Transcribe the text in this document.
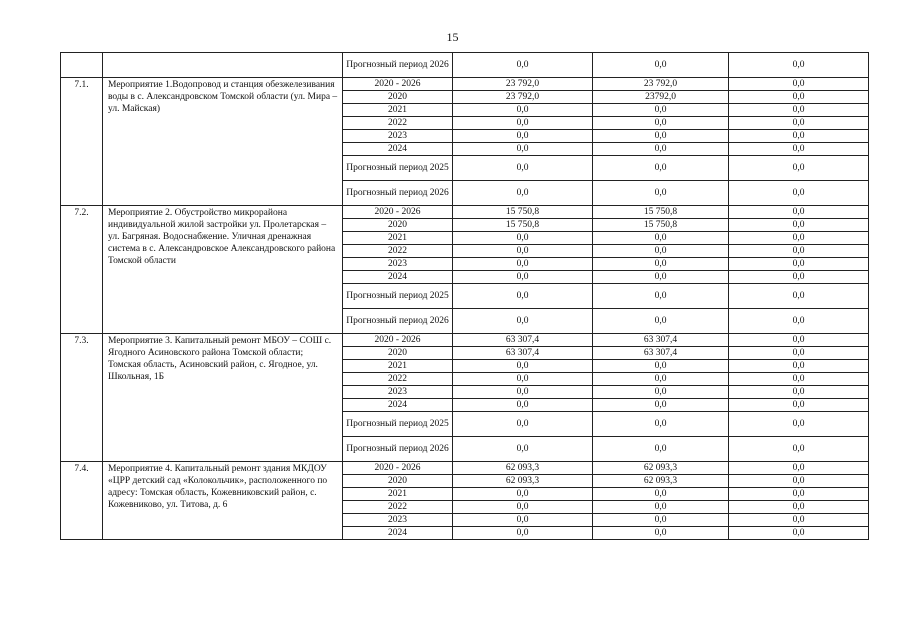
15
		Прогнозный период 2026	0,0	0,0	0,0
7.1.	Мероприятие 1.Водопровод и станция обезжелезивания воды в с. Александровском Томской области (ул. Мира – ул. Майская)	2020 - 2026	23 792,0	23 792,0	0,0
		2020	23 792,0	23792,0	0,0
		2021	0,0	0,0	0,0
		2022	0,0	0,0	0,0
		2023	0,0	0,0	0,0
		2024	0,0	0,0	0,0
		Прогнозный период 2025	0,0	0,0	0,0
		Прогнозный период 2026	0,0	0,0	0,0
7.2.	Мероприятие 2. Обустройство микрорайона индивидуальной жилой застройки ул. Пролетарская – ул. Багряная. Водоснабжение. Уличная дренажная система в с. Александровское Александровского района Томской области	2020 - 2026	15 750,8	15 750,8	0,0
		2020	15 750,8	15 750,8	0,0
		2021	0,0	0,0	0,0
		2022	0,0	0,0	0,0
		2023	0,0	0,0	0,0
		2024	0,0	0,0	0,0
		Прогнозный период 2025	0,0	0,0	0,0
		Прогнозный период 2026	0,0	0,0	0,0
7.3.	Мероприятие 3. Капитальный ремонт МБОУ – СОШ с. Ягодного Асиновского района Томской области; Томская область, Асиновский район, с. Ягодное, ул. Школьная, 1Б	2020 - 2026	63 307,4	63 307,4	0,0
		2020	63 307,4	63 307,4	0,0
		2021	0,0	0,0	0,0
		2022	0,0	0,0	0,0
		2023	0,0	0,0	0,0
		2024	0,0	0,0	0,0
		Прогнозный период 2025	0,0	0,0	0,0
		Прогнозный период 2026	0,0	0,0	0,0
7.4.	Мероприятие 4. Капитальный ремонт здания МКДОУ «ЦРР детский сад «Колокольчик», расположенного по адресу: Томская область, Кожевниковский район, с. Кожевниково, ул. Титова, д. 6	2020 - 2026	62 093,3	62 093,3	0,0
		2020	62 093,3	62 093,3	0,0
		2021	0,0	0,0	0,0
		2022	0,0	0,0	0,0
		2023	0,0	0,0	0,0
		2024	0,0	0,0	0,0
